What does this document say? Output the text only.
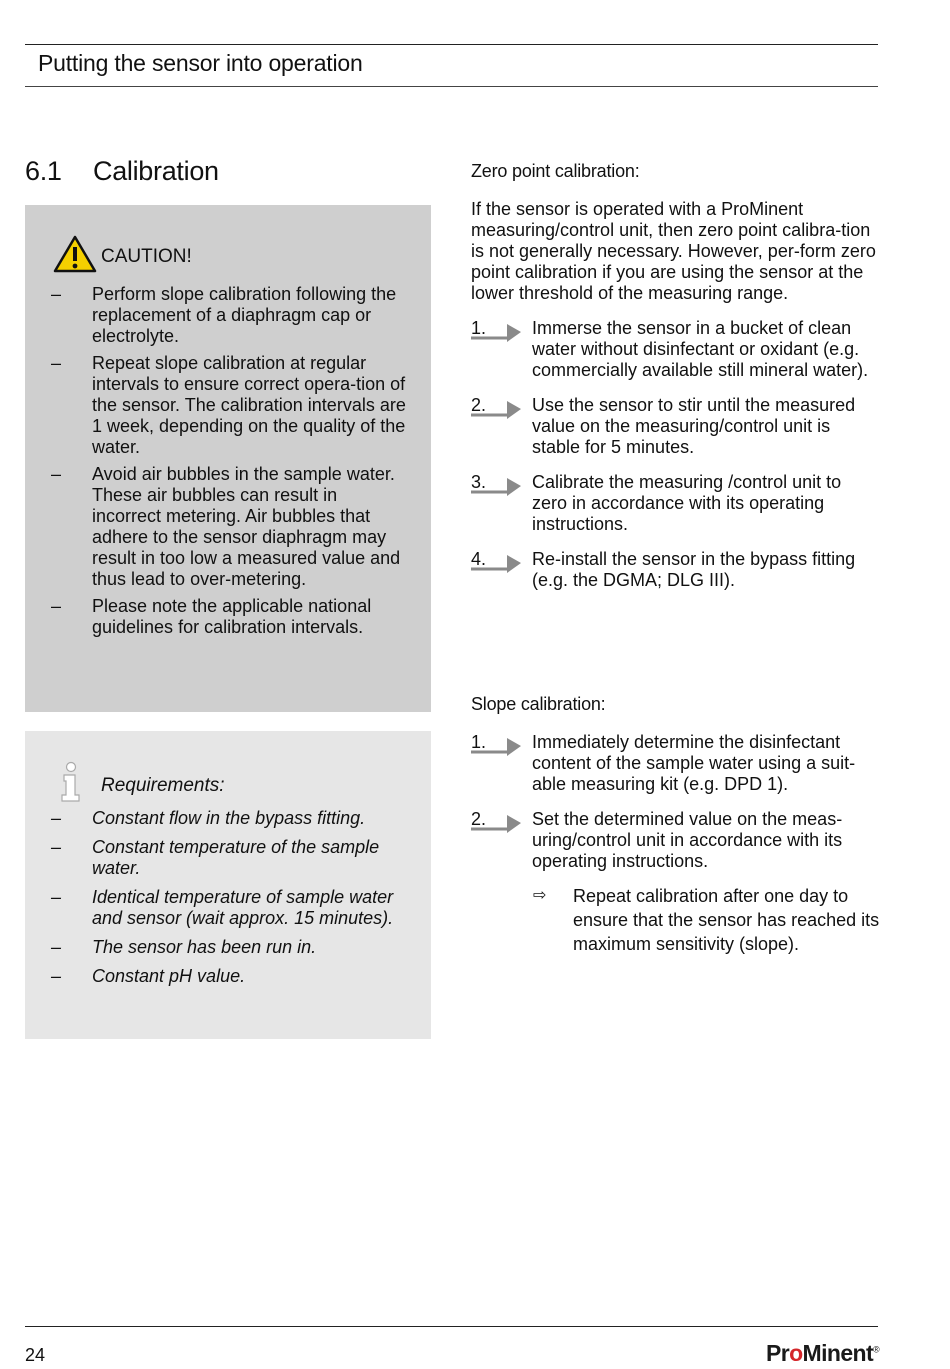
Putting the sensor into operation
6.1 Calibration
CAUTION!
– Perform slope calibration following the replacement of a diaphragm cap or electrolyte.
– Repeat slope calibration at regular intervals to ensure correct opera-tion of the sensor. The calibration intervals are 1 week, depending on the quality of the water.
– Avoid air bubbles in the sample water. These air bubbles can result in incorrect metering. Air bubbles that adhere to the sensor diaphragm may result in too low a measured value and thus lead to over-metering.
– Please note the applicable national guidelines for calibration intervals.
Requirements:
– Constant flow in the bypass fitting.
– Constant temperature of the sample water.
– Identical temperature of sample water and sensor (wait approx. 15 minutes).
– The sensor has been run in.
– Constant pH value.
Zero point calibration:
If the sensor is operated with a ProMinent measuring/control unit, then zero point calibra-tion is not generally necessary. However, per-form zero point calibration if you are using the sensor at the lower threshold of the measuring range.
1.	Immerse the sensor in a bucket of clean water without disinfectant or oxidant (e.g. commercially available still mineral water).
2.	Use the sensor to stir until the measured value on the measuring/control unit is stable for 5 minutes.
3.	Calibrate the measuring /control unit to zero in accordance with its operating instructions.
4.	Re-install the sensor in the bypass fitting (e.g. the DGMA; DLG III).
Slope calibration:
1.	Immediately determine the disinfectant content of the sample water using a suit-able measuring kit (e.g. DPD 1).
2.	Set the determined value on the meas-uring/control unit in accordance with its operating instructions.
⇨ Repeat calibration after one day to ensure that the sensor has reached its maximum sensitivity (slope).
24	ProMinent®
